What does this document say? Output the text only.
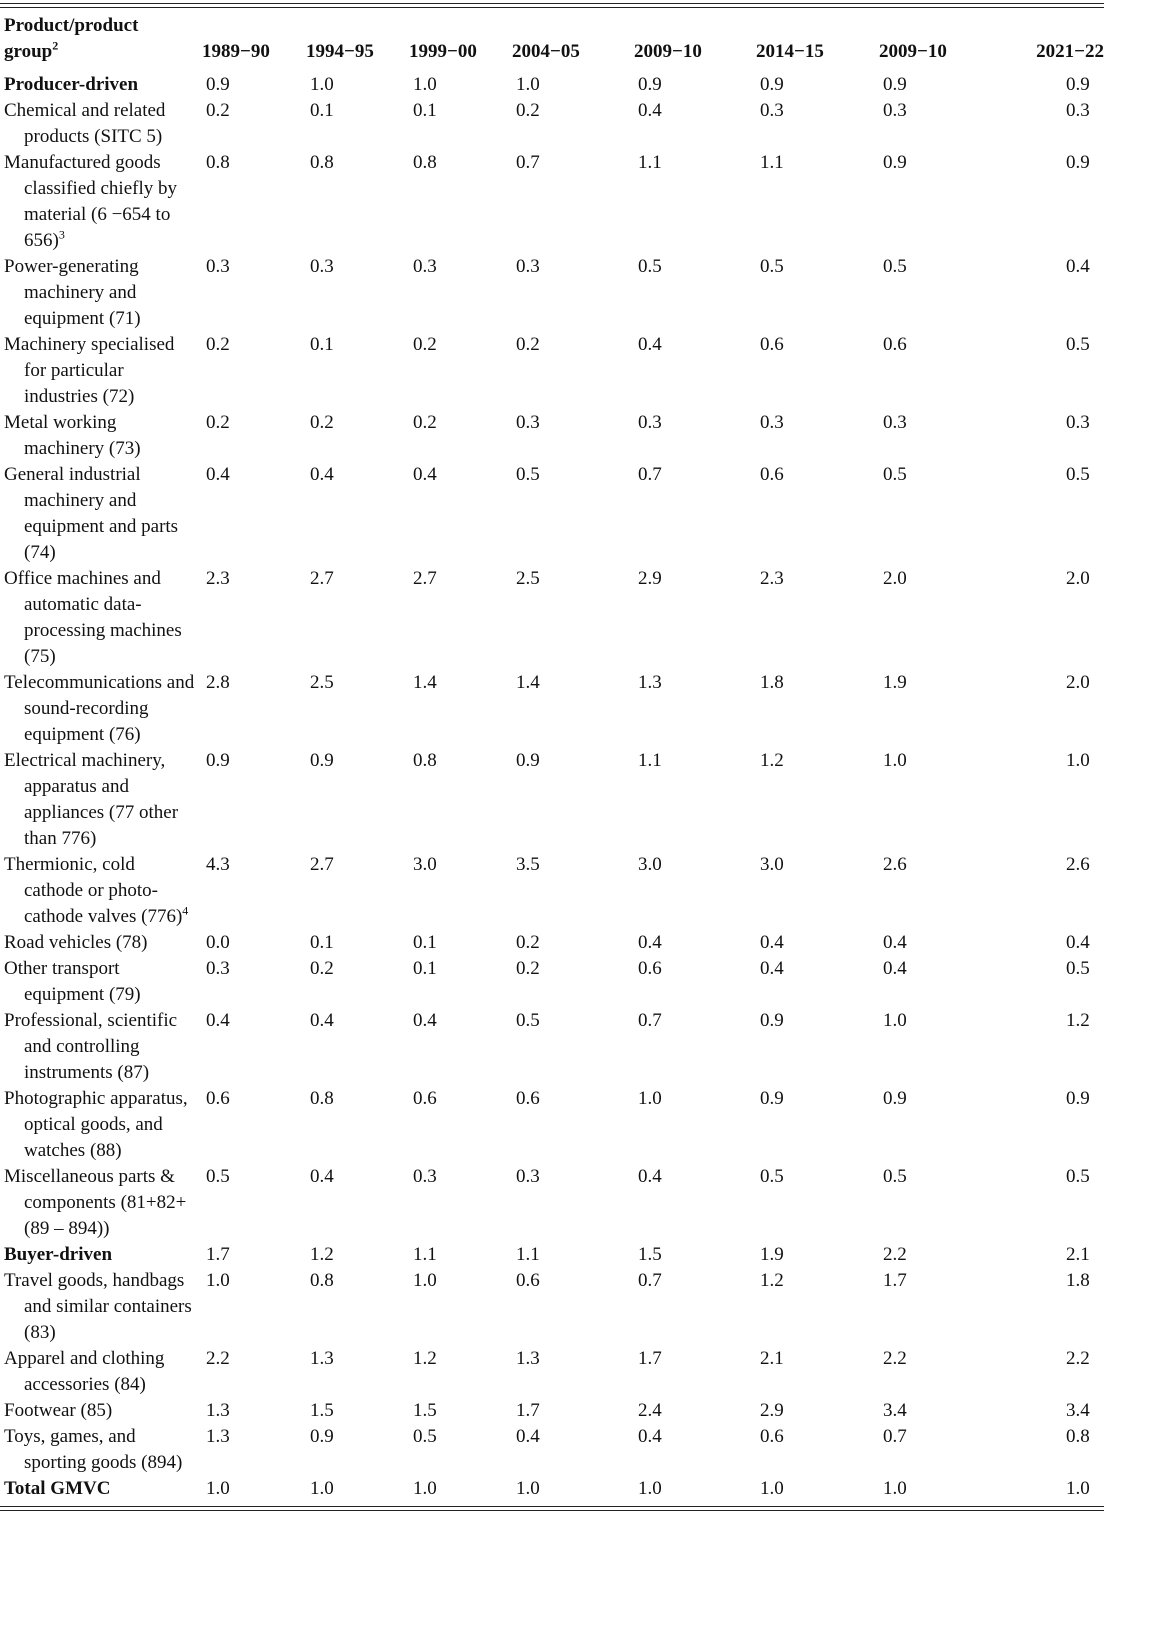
Product/product
group$^2$	1989−90	1994−95	1999−00	2004−05	2009−10	2014−15	2009−10	2021−22

Producer-driven	0.9	1.0	1.0	1.0	0.9	0.9	0.9	0.9

Chemical and related products (SITC 5)	0.2	0.1	0.1	0.2	0.4	0.3	0.3	0.3

Manufactured goods classified chiefly by material (6 −654 to 656)$^3$	0.8	0.8	0.8	0.7	1.1	1.1	0.9	0.9

Power-generating machinery and equipment (71)	0.3	0.3	0.3	0.3	0.5	0.5	0.5	0.4

Machinery specialised for particular industries (72)	0.2	0.1	0.2	0.2	0.4	0.6	0.6	0.5

Metal working machinery (73)	0.2	0.2	0.2	0.3	0.3	0.3	0.3	0.3

General industrial machinery and equipment and parts (74)	0.4	0.4	0.4	0.5	0.7	0.6	0.5	0.5

Office machines and automatic data-processing machines (75)	2.3	2.7	2.7	2.5	2.9	2.3	2.0	2.0

Telecommunications and sound-recording equipment (76)	2.8	2.5	1.4	1.4	1.3	1.8	1.9	2.0

Electrical machinery, apparatus and appliances (77 other than 776)	0.9	0.9	0.8	0.9	1.1	1.2	1.0	1.0

Thermionic, cold cathode or photo-cathode valves $(776)^4$	4.3	2.7	3.0	3.5	3.0	3.0	2.6	2.6

Road vehicles (78)	0.0	0.1	0.1	0.2	0.4	0.4	0.4	0.4

Other transport equipment (79)	0.3	0.2	0.1	0.2	0.6	0.4	0.4	0.5

Professional, scientific and controlling instruments (87)	0.4	0.4	0.4	0.5	0.7	0.9	1.0	1.2

Photographic apparatus, optical goods, and watches (88)	0.6	0.8	0.6	0.6	1.0	0.9	0.9	0.9

Miscellaneous parts & components (81+82+ (89 – 894))	0.5	0.4	0.3	0.3	0.4	0.5	0.5	0.5

Buyer-driven	1.7	1.2	1.1	1.1	1.5	1.9	2.2	2.1

Travel goods, handbags and similar containers (83)	1.0	0.8	1.0	0.6	0.7	1.2	1.7	1.8

Apparel and clothing accessories (84)	2.2	1.3	1.2	1.3	1.7	2.1	2.2	2.2

Footwear (85)	1.3	1.5	1.5	1.7	2.4	2.9	3.4	3.4

Toys, games, and sporting goods (894)	1.3	0.9	0.5	0.4	0.4	0.6	0.7	0.8

Total GMVC	1.0	1.0	1.0	1.0	1.0	1.0	1.0	1.0
